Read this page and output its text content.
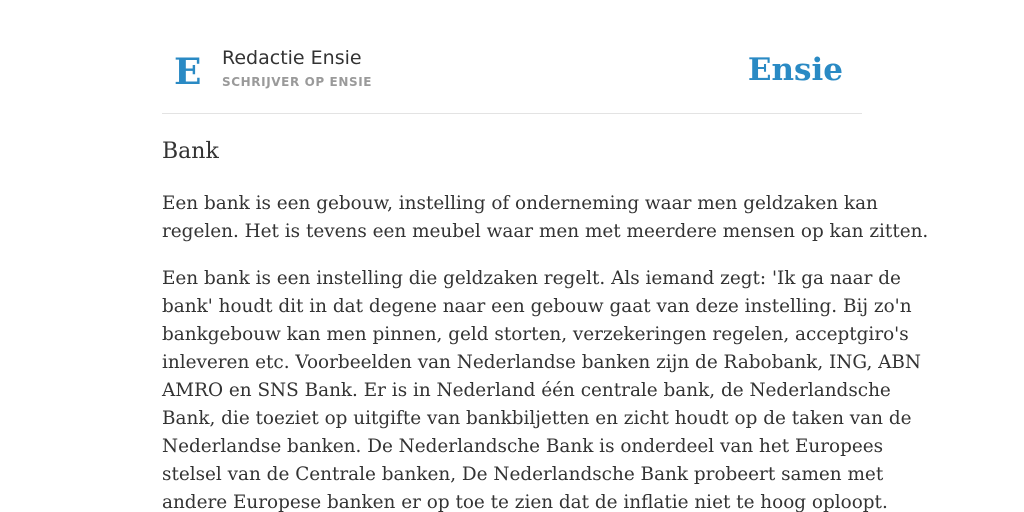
E Redactie Ensie
SCHRIJVER OP ENSIE	Ensie
Bank
Een bank is een gebouw, instelling of onderneming waar men geldzaken kan
regelen. Het is tevens een meubel waar men met meerdere mensen op kan zitten.
Een bank is een instelling die geldzaken regelt. Als iemand zegt: 'Ik ga naar de
bank' houdt dit in dat degene naar een gebouw gaat van deze instelling. Bij zo'n
bankgebouw kan men pinnen, geld storten, verzekeringen regelen, acceptgiro's
inleveren etc. Voorbeelden van Nederlandse banken zijn de Rabobank, ING, ABN
AMRO en SNS Bank. Er is in Nederland één centrale bank, de Nederlandsche
Bank, die toeziet op uitgifte van bankbiljetten en zicht houdt op de taken van de
Nederlandse banken. De Nederlandsche Bank is onderdeel van het Europees
stelsel van de Centrale banken, De Nederlandsche Bank probeert samen met
andere Europese banken er op toe te zien dat de inflatie niet te hoog oploopt.
